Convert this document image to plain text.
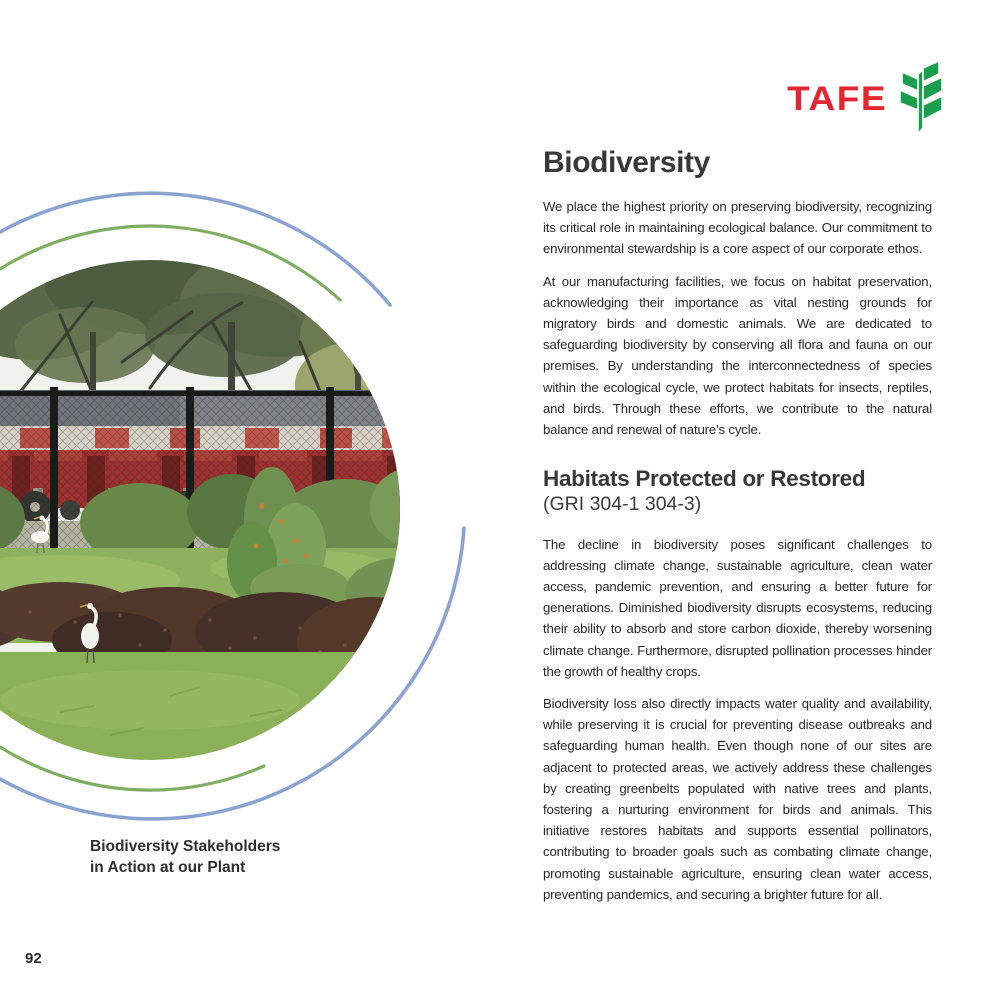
TAFE
Biodiversity Stakeholders
in Action at our Plant
92
Biodiversity

We place the highest priority on preserving biodiversity, recognizing its critical role in maintaining ecological balance. Our commitment to environmental stewardship is a core aspect of our corporate ethos.

At our manufacturing facilities, we focus on habitat preservation, acknowledging their importance as vital nesting grounds for migratory birds and domestic animals. We are dedicated to safeguarding biodiversity by conserving all flora and fauna on our premises. By understanding the interconnectedness of species within the ecological cycle, we protect habitats for insects, reptiles, and birds. Through these efforts, we contribute to the natural balance and renewal of nature's cycle.

Habitats Protected or Restored

(GRI 304-1 304-3)

The decline in biodiversity poses significant challenges to addressing climate change, sustainable agriculture, clean water access, pandemic prevention, and ensuring a better future for generations. Diminished biodiversity disrupts ecosystems, reducing their ability to absorb and store carbon dioxide, thereby worsening climate change. Furthermore, disrupted pollination processes hinder the growth of healthy crops.

Biodiversity loss also directly impacts water quality and availability, while preserving it is crucial for preventing disease outbreaks and safeguarding human health. Even though none of our sites are adjacent to protected areas, we actively address these challenges by creating greenbelts populated with native trees and plants, fostering a nurturing environment for birds and animals. This initiative restores habitats and supports essential pollinators, contributing to broader goals such as combating climate change, promoting sustainable agriculture, ensuring clean water access, preventing pandemics, and securing a brighter future for all.
